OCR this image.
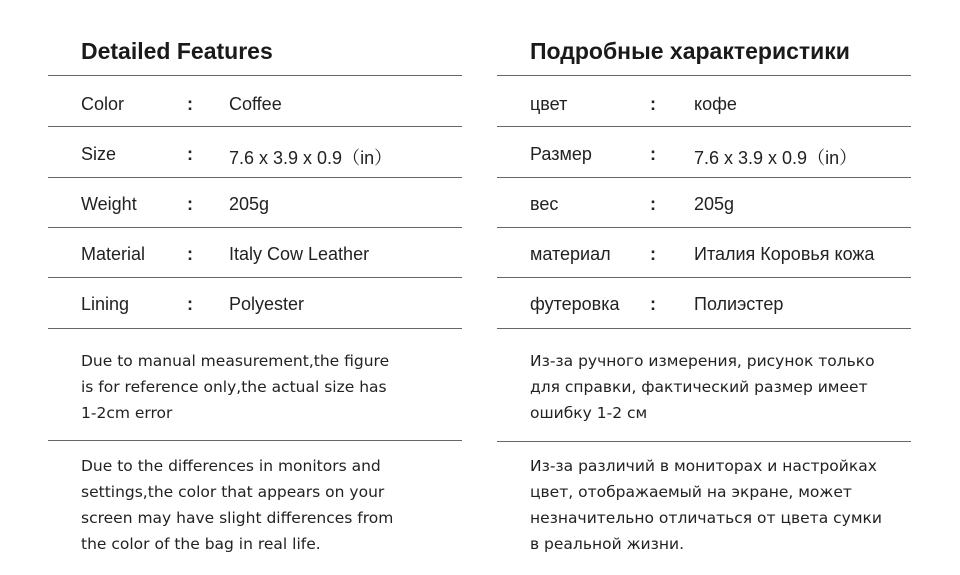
Detailed Features
Color	: Coffee
Size	: 7.6 x 3.9 x 0.9（in）
Weight	: 205g
Material : Italy Cow Leather
Lining	: Polyester
Due to manual measurement,the figure
is for reference only,the actual size has
1-2cm error
Due to the differences in monitors and
settings,the color that appears on your
screen may have slight differences from
the color of the bag in real life.
Подробные характеристики
цвет	: кофе
Размер	: 7.6 x 3.9 x 0.9（in）
вес	: 205g
материал : Италия Коровья кожа
футеровка : Полиэстер
Из-за ручного измерения, рисунок только
для справки, фактический размер имеет
ошибку 1-2 см
Из-за различий в мониторах и настройках
цвет, отображаемый на экране, может
незначительно отличаться от цвета сумки
в реальной жизни.
